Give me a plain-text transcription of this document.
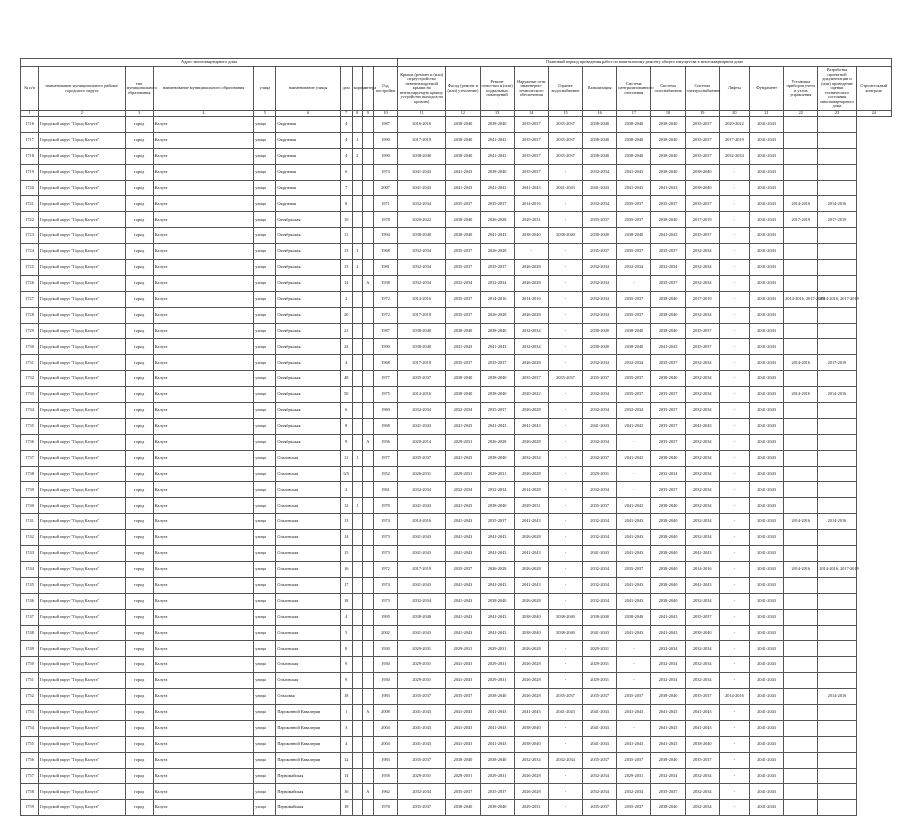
Адрес многоквартирного дома										Плановый период проведения работ по капитальному ремонту общего имущества в многоквартирном доме													
№ п/п	наименование муниципального района/городского округа	тип муниципального образования	наименование муниципального образования	улица	наименование улицы	дом	корпус	литера	Год постройки	Крыша (ремонт и (или) переустройство невентилируемой крыши на вентилируемую крышу, устройство выходов на кровлю)	Фасад (ремонт и (или) утепление)	Ремонт отмостки и (или) подвальных помещений	Наружные сети инженерно-технического обеспечения	Горячее водоснабжение	Канализация	Система централизованного отопления	Система газоснабжения	Система электроснабжения	Лифты	Фундамент	Установка приборов учета и узлов управления	Разработка проектной документации и (или) проведение оценки технического состояния многоквартирного дома	Строительный контроль
1	2	3	4	5	6	7	8	9	10	11	12	13	14	15	16	17	18	19	20	21	22	23	24
1716	Городской округ "Город Калуга"	город	Калуга	улица	Окружная	4			1987	2016-2016	2038-2040	2038-2040	2035-2037	2035-2037	2038-2040	2038-2040	2038-2040	2035-2037	2020-2022	2041-2043			
1717	Городской округ "Город Калуга"	город	Калуга	улица	Окружная	4	1		1990	2017-2019	2038-2040	2041-2043	2035-2037	2035-2037	2038-2040	2038-2040	2038-2040	2035-2037	2017-2019	2041-2043			
1718	Городской округ "Город Калуга"	город	Калуга	улица	Окружная	4	2		1990	2038-2040	2038-2040	2041-2043	2035-2037	2035-2037	2038-2040	2038-2040	2038-2040	2035-2037	2032-2034	2041-2043			
1719	Городской округ "Город Калуга"	город	Калуга	улица	Окружная	6			1974	2041-2043	2041-2043	2038-2040	2035-2037	-	2032-2034	2041-2043	2038-2040	2038-2040	-	2041-2043			
1720	Городской округ "Город Калуга"	город	Калуга	улица	Окружная	7			2007	2041-2043	2041-2043	2041-2043	2041-2043	2041-2043	2041-2043	2041-2043	2041-2043	2038-2040	-	2041-2043			
1721	Городской округ "Город Калуга"	город	Калуга	улица	Окружная	8			1971	2032-2034	2035-2037	2035-2037	2014-2016	-	2032-2034	2035-2037	2035-2037	2035-2037	-	2041-2043	2014-2016	2014-2016	
1722	Городской округ "Город Калуга"	город	Калуга	улица	Октябрьская	10			1978	2020-2022	2038-2040	2026-2028	2029-2031	-	2035-2037	2035-2037	2038-2040	2017-2019	-	2041-2043	2017-2019	2017-2019	
1723	Городской округ "Город Калуга"	город	Калуга	улица	Октябрьская	11			1994	2038-2040	2038-2040	2041-2043	2038-2040	2038-2040	2038-2040	2038-2040	2041-2043	2035-2037	-	2041-2043			
1724	Городской округ "Город Калуга"	город	Калуга	улица	Октябрьская	13	1		1968	2032-2034	2035-2037	2026-2028	-	-	2035-2037	2035-2037	2035-2037	2032-2034	-	2041-2043			
1725	Городской округ "Город Калуга"	город	Калуга	улица	Октябрьская	13	2		1981	2032-2034	2035-2037	2035-2037	2026-2028	-	2032-2034	2032-2034	2032-2034	2032-2034	-	2041-2043			
1726	Городской округ "Город Калуга"	город	Калуга	улица	Октябрьская	14		А	1938	2032-2034	2032-2034	2032-2034	2026-2028	-	2032-2034	-	2035-2037	2032-2034	-	2041-2043			
1727	Городской округ "Город Калуга"	город	Калуга	улица	Октябрьская	2			1972	2014-2016	2035-2037	2014-2016	2014-2016	-	2032-2034	2035-2037	2038-2040	2017-2019	-	2041-2043	2014-2016, 2017-2019	2014-2016, 2017-2019	
1728	Городской округ "Город Калуга"	город	Калуга	улица	Октябрьская	20			1972	2017-2019	2035-2037	2026-2028	2026-2028	-	2032-2034	2035-2037	2038-2040	2032-2034	-	2041-2043			
1729	Городской округ "Город Калуга"	город	Калуга	улица	Октябрьская	21			1987	2038-2040	2038-2040	2038-2040	2032-2034	-	2038-2040	2038-2040	2038-2040	2035-2037	-	2041-2043			
1730	Городской округ "Город Калуга"	город	Калуга	улица	Октябрьская	24			1990	2038-2040	2041-2043	2041-2043	2032-2034	-	2038-2040	2038-2040	2041-2043	2035-2037	-	2041-2043			
1731	Городской округ "Город Калуга"	город	Калуга	улица	Октябрьская	4			1968	2017-2019	2035-2037	2035-2037	2026-2028	-	2032-2034	2032-2034	2035-2037	2032-2034	-	2041-2043	2014-2016	2017-2019	
1732	Городской округ "Город Калуга"	город	Калуга	улица	Октябрьская	48			1977	2035-2037	2038-2040	2038-2040	2035-2037	2035-2037	2035-2037	2035-2037	2038-2040	2032-2034	-	2041-2043			
1733	Городской округ "Город Калуга"	город	Калуга	улица	Октябрьская	50			1975	2014-2016	2038-2040	2038-2040	2020-2022	-	2032-2034	2035-2037	2035-2037	2032-2034	-	2041-2043	2014-2016	2014-2016	
1734	Городской округ "Город Калуга"	город	Калуга	улица	Октябрьская	6			1969	2032-2034	2032-2034	2035-2037	2026-2028	-	2032-2034	2032-2034	2035-2037	2032-2034	-	2041-2043			
1735	Городской округ "Город Калуга"	город	Калуга	улица	Октябрьская	8			1968	2041-2043	2041-2043	2041-2043	2041-2043	-	2041-2043	2041-2043	2035-2037	2041-2043	-	2041-2043			
1736	Городской округ "Город Калуга"	город	Калуга	улица	Октябрьская	9		А	1936	2020-2014	2029-2031	2026-2028	2026-2028	-	2032-2034	-	2035-2037	2032-2034	-	2041-2043			
1737	Городской округ "Город Калуга"	город	Калуга	улица	Ольговская	11	1		1977	2035-2037	2041-2043	2038-2040	2032-2034	-	2032-2037	2041-2043	2038-2040	2032-2034	-	2041-2043			
1738	Городской округ "Город Калуга"	город	Калуга	улица	Ольговская	6/5			1952	2026-2031	2029-2031	2029-2031	2026-2028	-	2029-2031	-	2032-2034	2032-2034	-	2041-2043			
1739	Городской округ "Город Калуга"	город	Калуга	улица	Ольговская	2			1961	2032-2034	2032-2034	2032-2034	2014-2028	-	2032-2034	-	2035-2037	2032-2034	-	2041-2043			
1740	Городской округ "Город Калуга"	город	Калуга	улица	Ольговская	12	1		1979	2041-2043	2041-2043	2038-2040	2029-2031	-	2035-2037	2041-2043	2038-2040	2032-2034	-	2041-2043			
1741	Городской округ "Город Калуга"	город	Калуга	улица	Ольговская	13			1974	2014-2016	2041-2043	2035-2037	2041-2043	-	2032-2034	2041-2043	2038-2040	2032-2034	-	2041-2043	2014-2016	2014-2016	
1742	Городской округ "Город Калуга"	город	Калуга	улица	Ольговская	14			1973	2041-2043	2041-2043	2041-2043	2026-2028	-	2032-2034	2041-2043	2038-2040	2032-2034	-	2041-2043			
1743	Городской округ "Город Калуга"	город	Калуга	улица	Ольговская	15			1973	2041-2043	2041-2043	2041-2043	2041-2043	-	2041-2043	2041-2043	2038-2040	2041-2043	-	2041-2043			
1744	Городской округ "Город Калуга"	город	Калуга	улица	Ольговская	16			1972	2017-2019	2035-2037	2026-2028	2026-2028	-	2032-2034	2035-2037	2038-2040	2014-2016	-	2041-2043	2014-2016	2014-2016, 2017-2019	
1745	Городской округ "Город Калуга"	город	Калуга	улица	Ольговская	17			1974	2041-2043	2041-2043	2041-2043	2041-2043	-	2032-2034	2041-2043	2038-2040	2041-2043	-	2041-2043			
1746	Городской округ "Город Калуга"	город	Калуга	улица	Ольговская	18			1973	2032-2034	2041-2043	2038-2040	2026-2028	-	2032-2034	2041-2043	2038-2040	2032-2034	-	2041-2043			
1747	Городской округ "Город Калуга"	город	Калуга	улица	Ольговская	4			1995	2038-2040	2041-2043	2041-2043	2038-2040	2038-2040	2038-2040	2038-2040	2041-2043	2035-2037	-	2041-2043			
1748	Городской округ "Город Калуга"	город	Калуга	улица	Ольговская	5			2002	2041-2043	2041-2043	2041-2043	2038-2040	2038-2040	2041-2043	2041-2043	2041-2043	2038-2040	-	2041-2043			
1749	Городской округ "Город Калуга"	город	Калуга	улица	Ольговская	8			1930	2029-2031	2029-2031	2029-2031	2026-2028	-	2029-2031	-	2032-2034	2032-2034	-	2041-2043			
1750	Городской округ "Город Калуга"	город	Калуга	улица	Ольговская	9			1930	2029-2031	2041-2043	2029-2031	2026-2028	-	2029-2031	-	2032-2034	2032-2034	-	2041-2043			
1751	Городской округ "Город Калуга"	город	Калуга	улица	Ольговская	9			1930	2029-2031	2041-2043	2029-2031	2026-2028	-	2029-2031	-	2032-2034	2032-2034	-	2041-2043			
1752	Городской округ "Город Калуга"	город	Калуга	улица	Ольховая	18			1983	2035-2037	2035-2037	2038-2040	2026-2028	2035-2037	2035-2037	2035-2037	2038-2040	2035-2037	2014-2016	2041-2043		2014-2016	
1753	Городской округ "Город Калуга"	город	Калуга	улица	Пароконной Кавалерии	1		А	2008	2041-2043	2041-2043	2041-2043	2041-2043	2041-2043	2041-2043	2041-2043	2041-2043	2041-2043	-	2041-2043			
1754	Городской округ "Город Калуга"	город	Калуга	улица	Пароконной Кавалерии	3			2004	2041-2043	2041-2043	2041-2043	2038-2040	-	2041-2043	-	2041-2043	2041-2043	-	2041-2043			
1755	Городской округ "Город Калуга"	город	Калуга	улица	Пароконной Кавалерии	4			2004	2041-2043	2041-2043	2041-2043	2038-2040	-	2041-2043	2041-2043	2041-2043	2038-2040	-	2041-2043			
1756	Городской округ "Город Калуга"	город	Калуга	улица	Пароконной Кавалерии	12			1983	2035-2037	2038-2040	2038-2040	2032-2034	2032-2034	2035-2037	2035-2037	2038-2040	2035-2037	-	2041-2043			
1757	Городской округ "Город Калуга"	город	Калуга	улица	Первомайская	14			1958	2029-2031	2029-2031	2029-2031	2026-2028	-	2032-2034	2029-2031	2032-2034	2032-2034	-	2041-2043			
1758	Городской округ "Город Калуга"	город	Калуга	улица	Первомайская	16		А	1962	2032-2034	2035-2037	2035-2037	2026-2028	-	2032-2034	2032-2034	2035-2037	2032-2034	-	2041-2043			
1759	Городской округ "Город Калуга"	город	Калуга	улица	Первомайская	18			1978	2035-2037	2038-2040	2038-2040	2029-2031	-	2035-2037	2035-2037	2038-2040	2032-2034	-	2041-2043			
